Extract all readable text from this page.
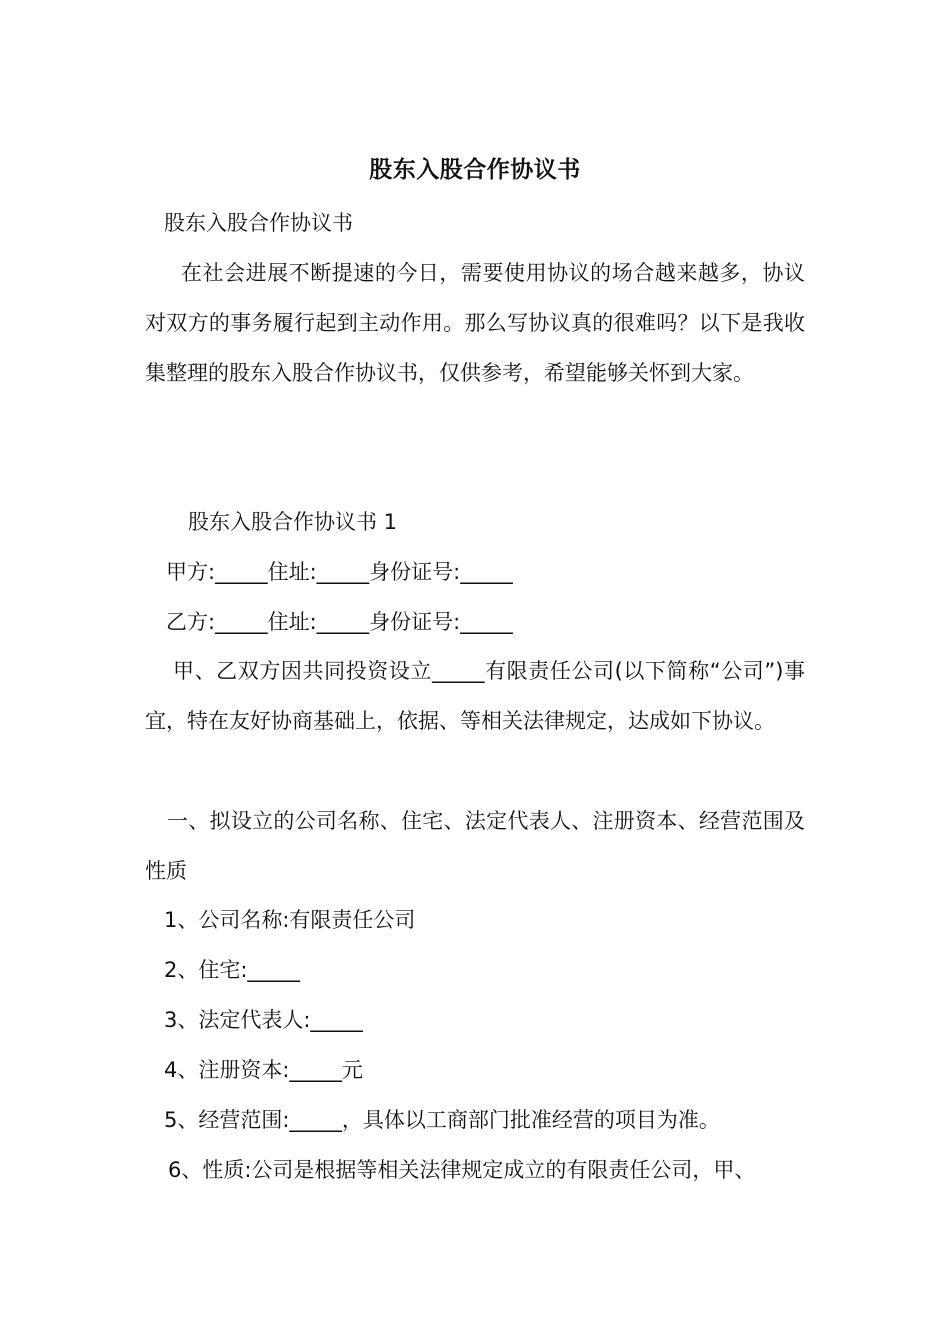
股东入股合作协议书
股东入股合作协议书

在社会进展不断提速的今日，需要使用协议的场合越来越多，协议对双方的事务履行起到主动作用。那么写协议真的很难吗？以下是我收集整理的股东入股合作协议书，仅供参考，希望能够关怀到大家。

股东入股合作协议书 1
甲方:_____住址:_____身份证号:_____
乙方:_____住址:_____身份证号:_____

甲、乙双方因共同投资设立_____有限责任公司(以下简称“公司”)事宜，特在友好协商基础上，依据、等相关法律规定，达成如下协议。

一、拟设立的公司名称、住宅、法定代表人、注册资本、经营范围及性质

1、公司名称:有限责任公司
2、住宅:_____
3、法定代表人:_____
4、注册资本:_____元
5、经营范围:_____，具体以工商部门批准经营的项目为准。
6、性质:公司是根据等相关法律规定成立的有限责任公司，甲、
